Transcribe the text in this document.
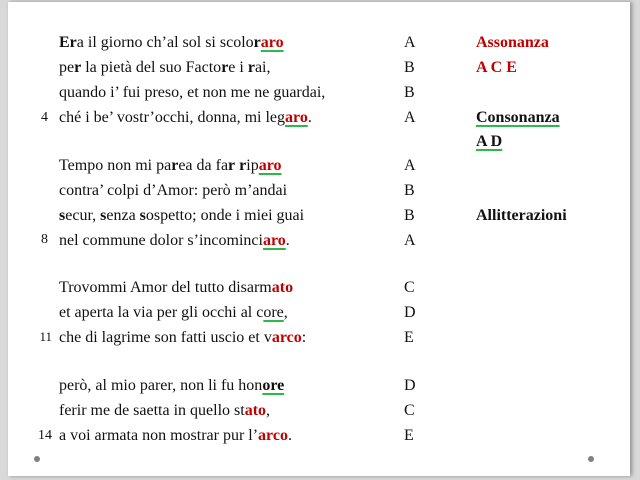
Era il giorno ch’al sol si scoloraro
per la pietà del suo Factore i rai,
quando i’ fui preso, et non me ne guardai,
ché i be’ vostr’occhi, donna, mi legaro.
Tempo non mi parea da far riparo
contra’ colpi d’Amor: però m’andai
secur, senza sospetto; onde i miei guai
nel commune dolor s’incominciaro.
Trovommi Amor del tutto disarmato
et aperta la via per gli occhi al core,
che di lagrime son fatti uscio et varco:
però, al mio parer, non li fu honore
ferir me de saetta in quello stato,
a voi armata non mostrar pur l’arco.
4
8
11
14
A
B
B
A
A
B
B
A
C
D
E
D
C
E
Assonanza
A C E
Consonanza
A D
Allitterazioni
